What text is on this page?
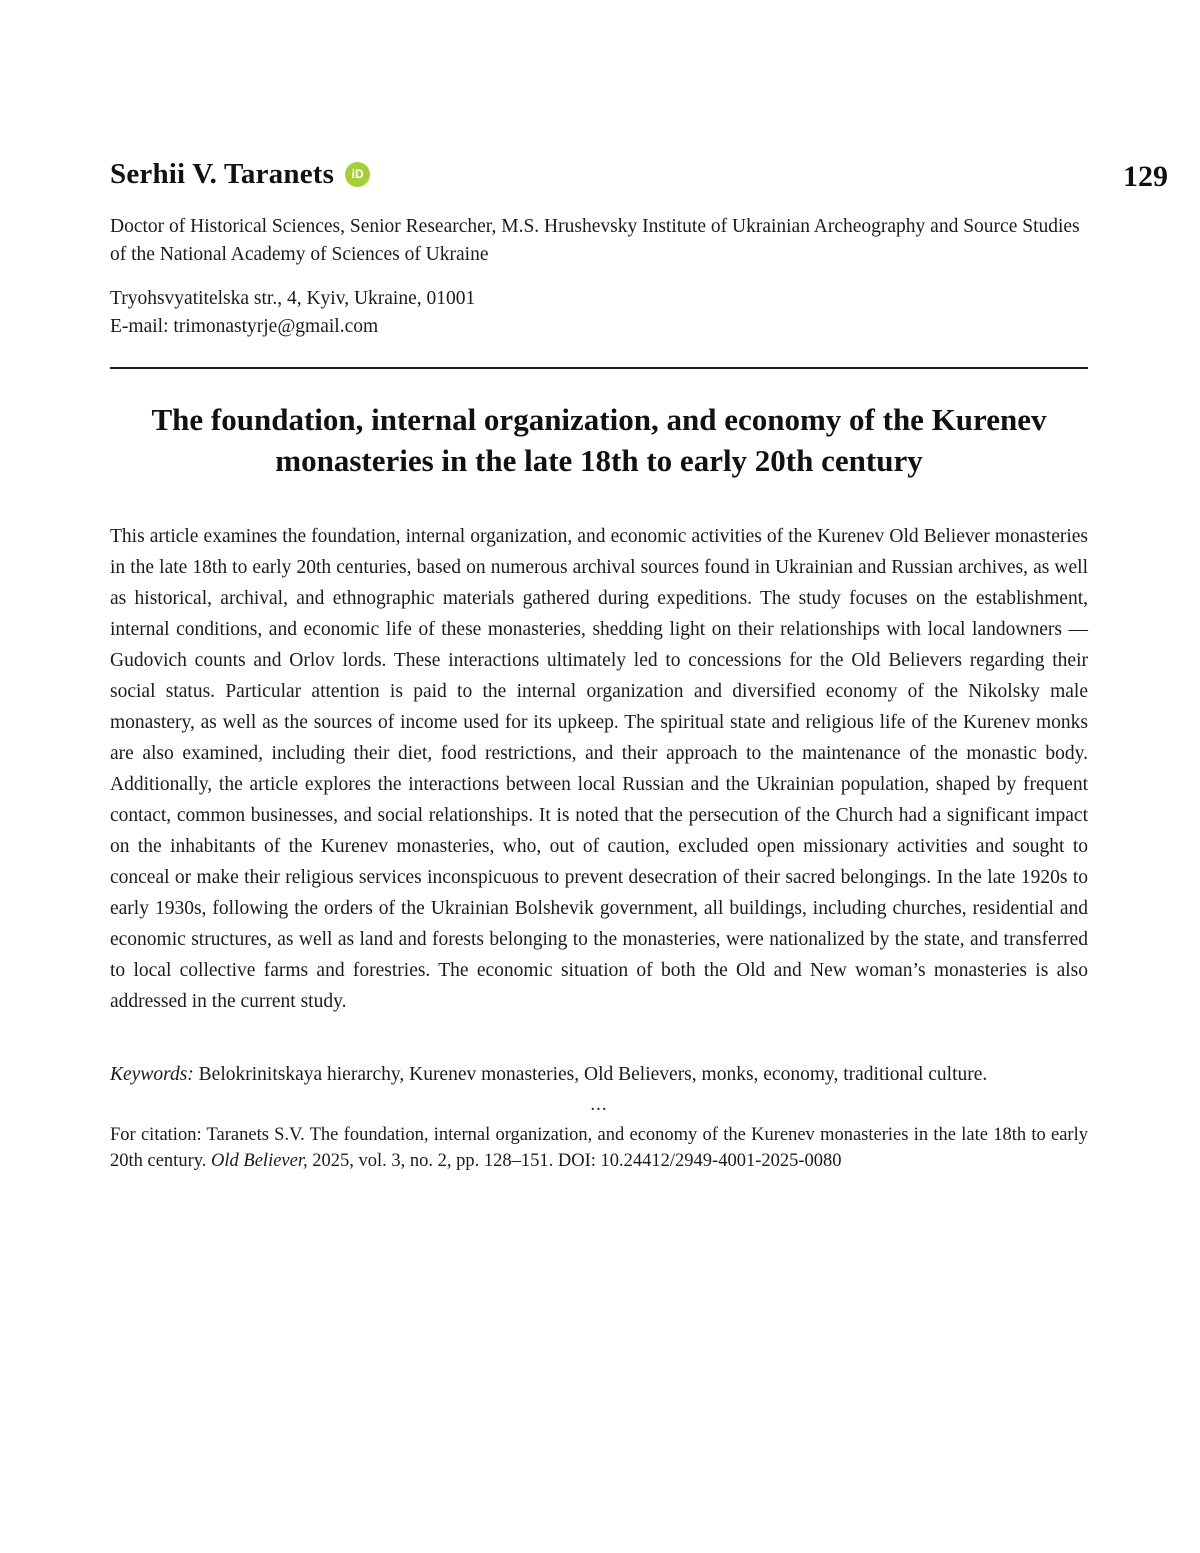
129
Serhii V. Taranets	iD

Doctor of Historical Sciences, Senior Researcher, M.S. Hrushevsky Institute of Ukrainian Archeography and Source Studies of the National Academy of Sciences of Ukraine

Tryohsvyatitelska str., 4, Kyiv, Ukraine, 01001
E-mail: trimonastyrje@gmail.com

The foundation, internal organization, and economy of the Kurenev monasteries in the late 18th to early 20th century

This article examines the foundation, internal organization, and economic activities of the Kurenev Old Believer monasteries in the late 18th to early 20th centuries, based on numerous archival sources found in Ukrainian and Russian archives, as well as historical, archival, and ethnographic materials gathered during expeditions. The study focuses on the establishment, internal conditions, and economic life of these monasteries, shedding light on their relationships with local landowners — Gudovich counts and Orlov lords. These interactions ultimately led to concessions for the Old Believers regarding their social status. Particular attention is paid to the internal organization and diversified economy of the Nikolsky male monastery, as well as the sources of income used for its upkeep. The spiritual state and religious life of the Kurenev monks are also examined, including their diet, food restrictions, and their approach to the maintenance of the monastic body. Additionally, the article explores the interactions between local Russian and the Ukrainian population, shaped by frequent contact, common businesses, and social relationships. It is noted that the persecution of the Church had a significant impact on the inhabitants of the Kurenev monasteries, who, out of caution, excluded open missionary activities and sought to conceal or make their religious services inconspicuous to prevent desecration of their sacred belongings. In the late 1920s to early 1930s, following the orders of the Ukrainian Bolshevik government, all buildings, including churches, residential and economic structures, as well as land and forests belonging to the monasteries, were nationalized by the state, and transferred to local collective farms and forestries. The economic situation of both the Old and New woman’s monasteries is also addressed in the current study.

Keywords: Belokrinitskaya hierarchy, Kurenev monasteries, Old Believers, monks, economy, traditional culture.

...

For citation: Taranets S.V. The foundation, internal organization, and economy of the Kurenev monasteries in the late 18th to early 20th century. Old Believer, 2025, vol. 3, no. 2, pp. 128–151. DOI: 10.24412/2949-4001-2025-0080
